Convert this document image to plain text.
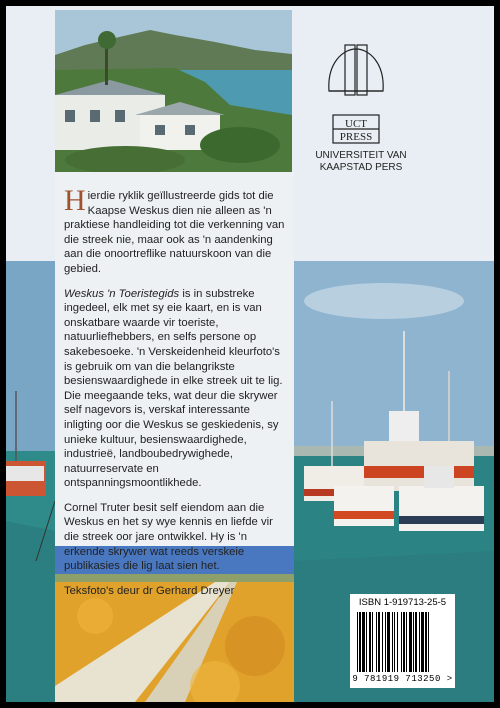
UCT
PRESS
UNIVERSITEIT VAN
KAAPSTAD PERS

Hierdie ryklik geïllustreerde gids tot die Kaapse Weskus dien nie alleen as 'n praktiese handleiding tot die verkenning van die streek nie, maar ook as 'n aandenking aan die onoortreflike natuurskoon van die gebied.

Weskus 'n Toeristegids is in substreke ingedeel, elk met sy eie kaart, en is van onskatbare waarde vir toeriste, natuurliefhebbers, en selfs persone op sakebesoeke. 'n Verskeidenheid kleurfoto's is gebruik om van die belangrikste besienswaardighede in elke streek uit te lig. Die meegaande teks, wat deur die skrywer self nagevors is, verskaf interessante inligting oor die Weskus se geskiedenis, sy unieke kultuur, besienswaardighede, industrieë, landboubedrywighede, natuurreservate en ontspanningsmoontlikhede.

Cornel Truter besit self eiendom aan die Weskus en het sy wye kennis en liefde vir die streek oor jare ontwikkel. Hy is 'n erkende skrywer wat reeds verskeie publikasies die lig laat sien het.

Teksfoto's deur dr Gerhard Dreyer

ISBN 1-919713-25-5
9 781919 713250 >
